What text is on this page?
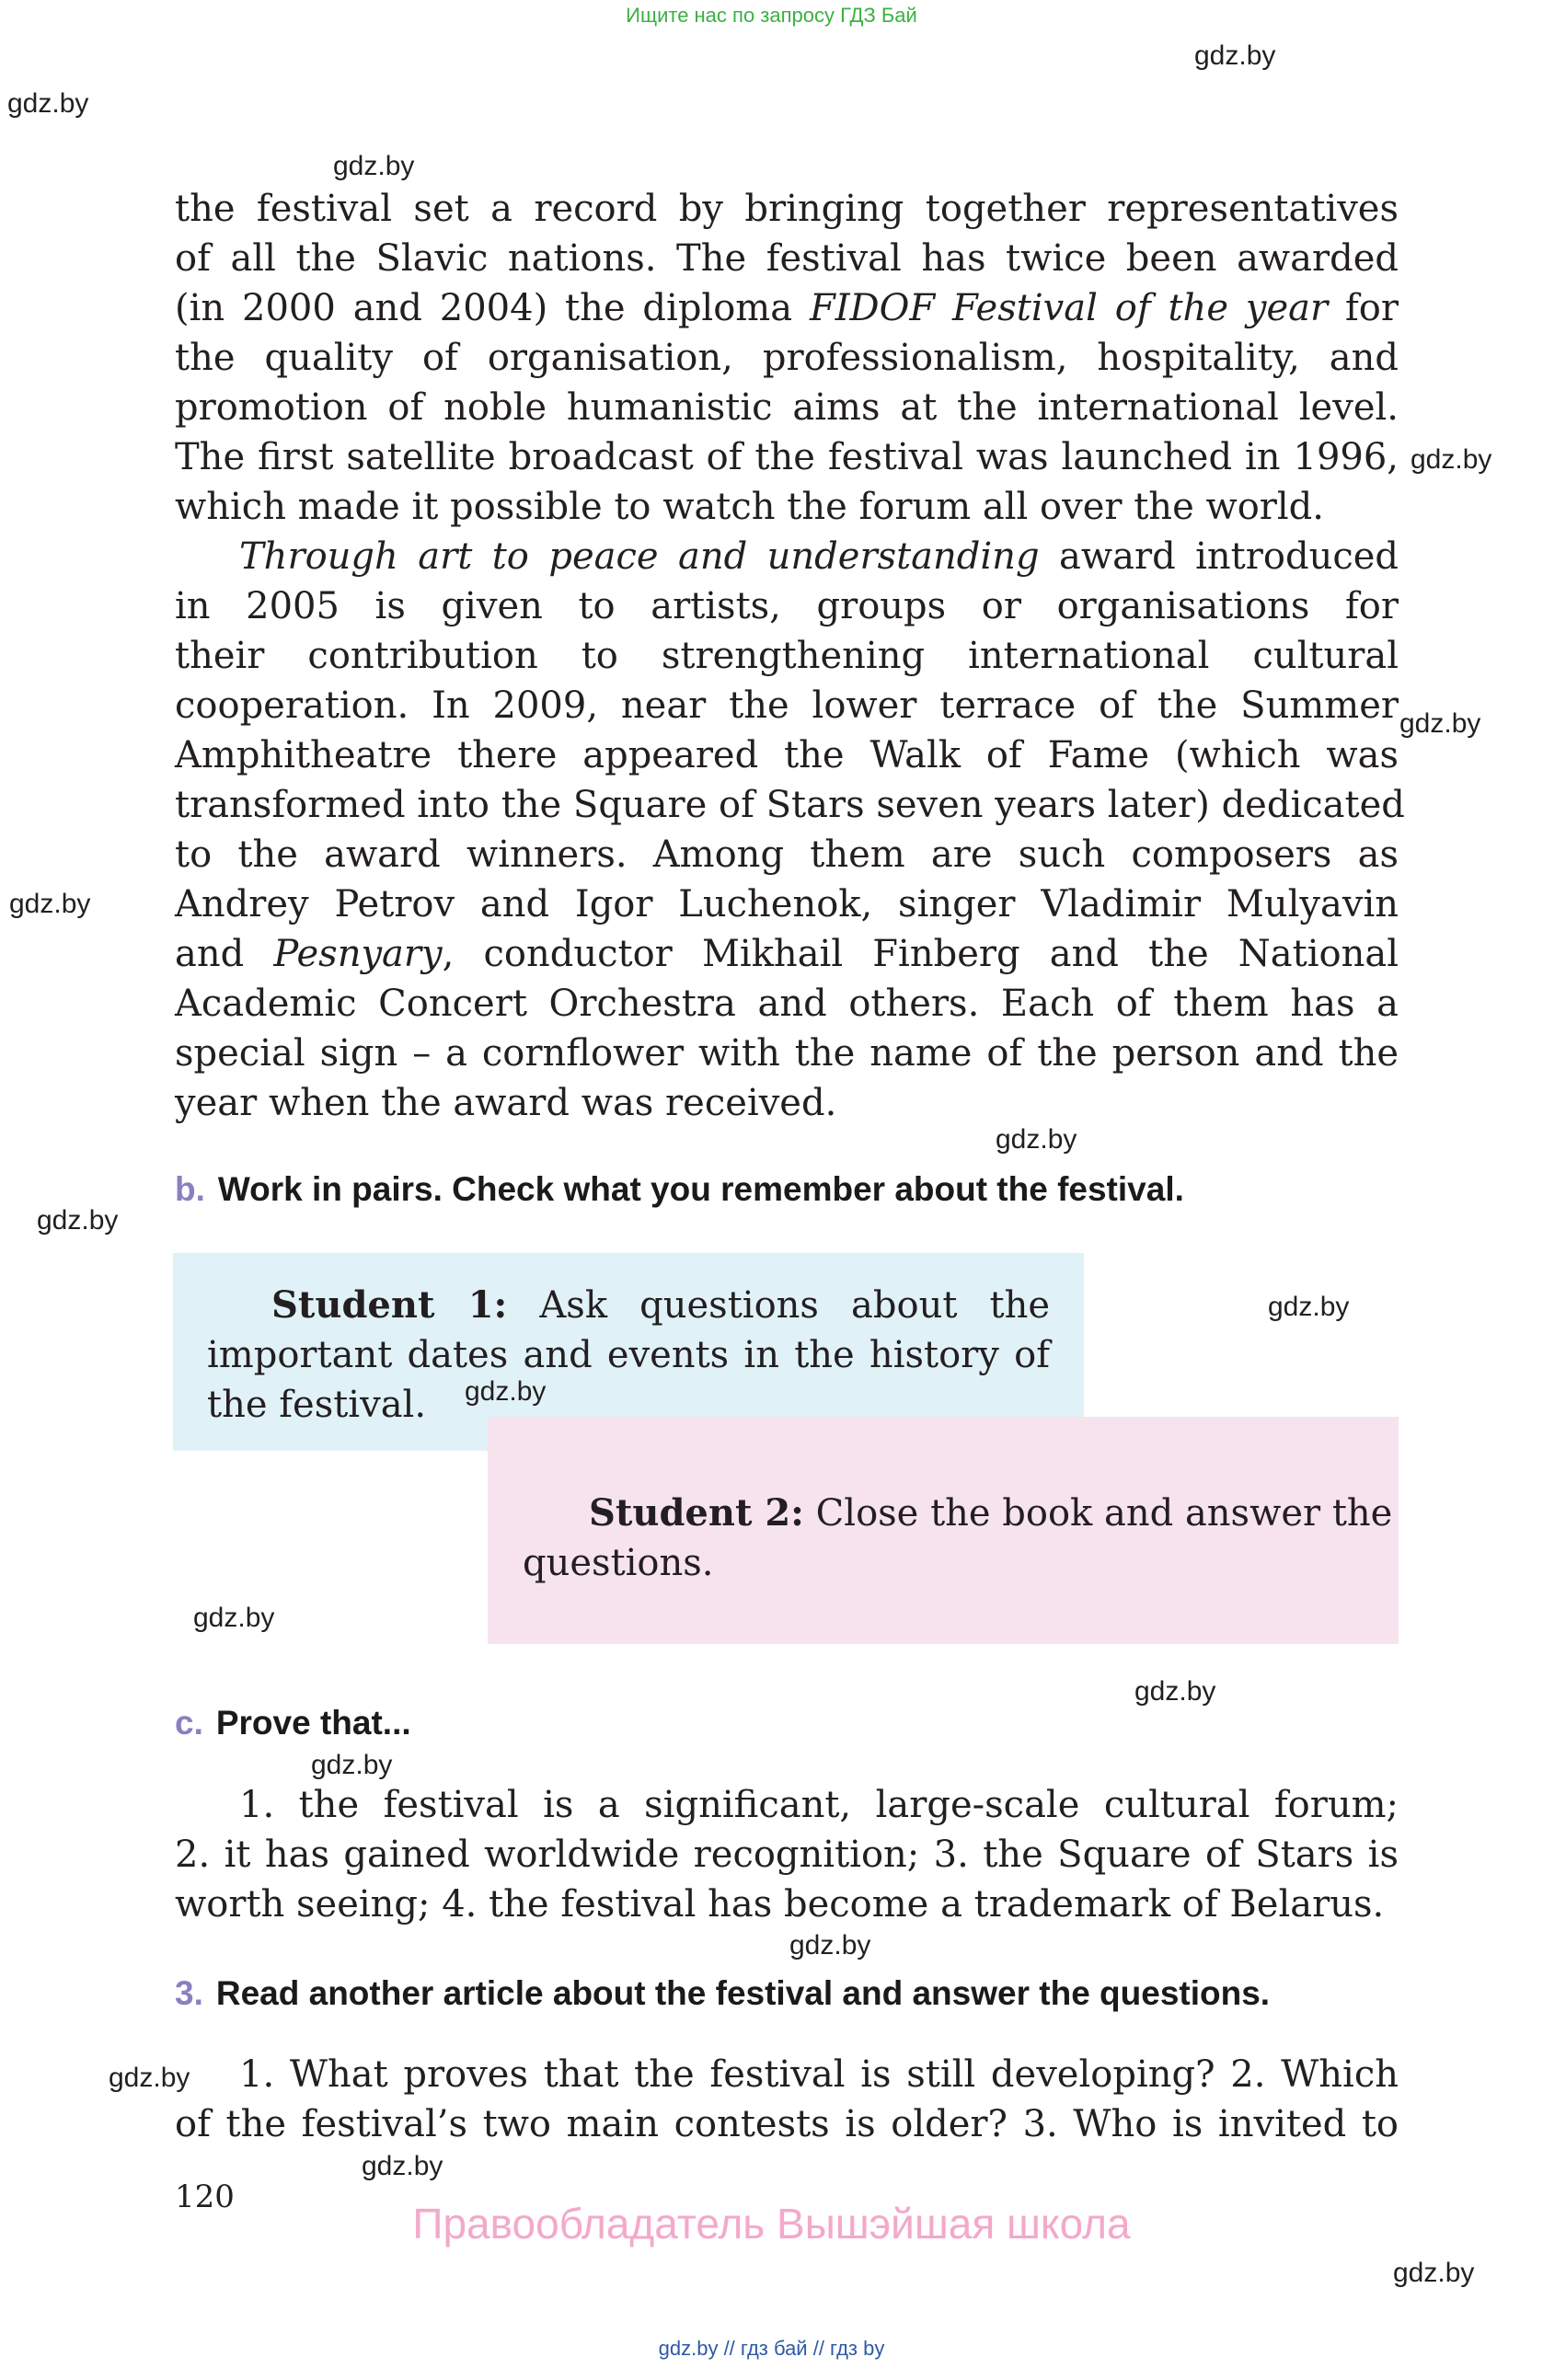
Ищите нас по запросу ГДЗ Бай
gdz.by
gdz.by
gdz.by
gdz.by
gdz.by
gdz.by
gdz.by
gdz.by
gdz.by
gdz.by
gdz.by
gdz.by
gdz.by
gdz.by
gdz.by
gdz.by
the festival set a record by bringing together representatives
of all the Slavic nations. The festival has twice been awarded
(in 2000 and 2004) the diploma FIDOF Festival of the year for
the quality of organisation, professionalism, hospitality, and
promotion of noble humanistic aims at the international level.
The first satellite broadcast of the festival was launched in 1996,
which made it possible to watch the forum all over the world.
Through art to peace and understanding award introduced
in 2005 is given to artists, groups or organisations for
their contribution to strengthening international cultural
cooperation. In 2009, near the lower terrace of the Summer
Amphitheatre there appeared the Walk of Fame (which was
transformed into the Square of Stars seven years later) dedicated
to the award winners. Among them are such composers as
Andrey Petrov and Igor Luchenok, singer Vladimir Mulyavin
and Pesnyary, conductor Mikhail Finberg and the National
Academic Concert Orchestra and others. Each of them has a
special sign – a cornflower with the name of the person and the
year when the award was received.
b. Work in pairs. Check what you remember about the festival.
Student 1: Ask questions about the
important dates and events in the history of
the festival.	gdz.by
Student 2: Close the book and answer the
questions.
c. Prove that...
1. the festival is a significant, large-scale cultural forum;
2. it has gained worldwide recognition; 3. the Square of Stars is
worth seeing; 4. the festival has become a trademark of Belarus.
3. Read another article about the festival and answer the questions.
1. What proves that the festival is still developing? 2. Which
of the festival’s two main contests is older? 3. Who is invited to
120
Правообладатель Вышэйшая школа
gdz.by // гдз бай // гдз by
